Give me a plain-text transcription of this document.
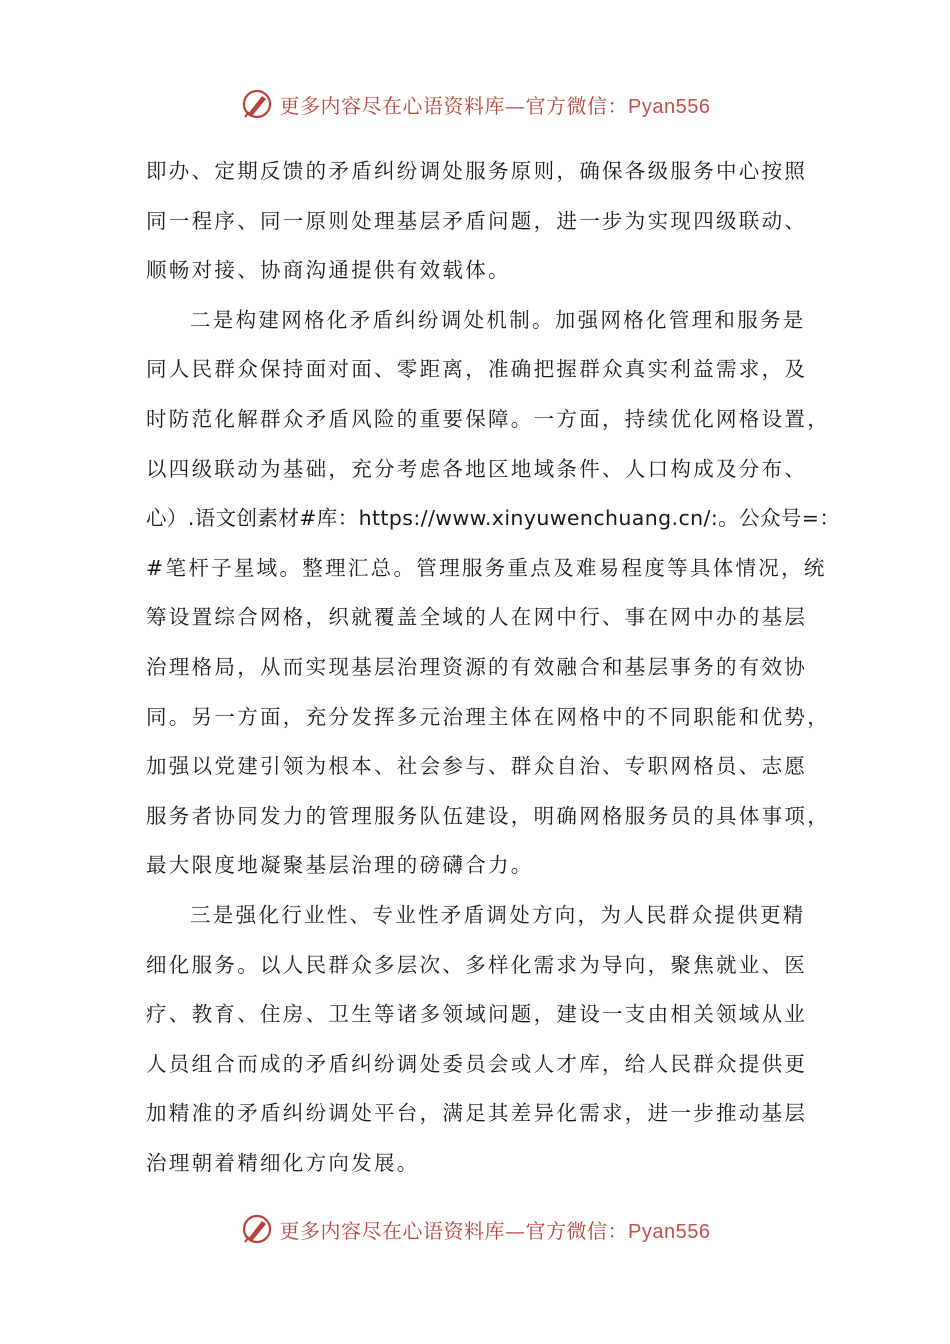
更多内容尽在心语资料库—官方微信：Pyan556
即办、定期反馈的矛盾纠纷调处服务原则，确保各级服务中心按照
同一程序、同一原则处理基层矛盾问题，进一步为实现四级联动、
顺畅对接、协商沟通提供有效载体。
二是构建网格化矛盾纠纷调处机制。加强网格化管理和服务是
同人民群众保持面对面、零距离，准确把握群众真实利益需求，及
时防范化解群众矛盾风险的重要保障。一方面，持续优化网格设置，
以四级联动为基础，充分考虑各地区地域条件、人口构成及分布、
心）.语文创素材#库：https://www.xinyuwenchuang.cn/:。公众号=：
#笔杆子星域。整理汇总。管理服务重点及难易程度等具体情况，统
筹设置综合网格，织就覆盖全域的人在网中行、事在网中办的基层
治理格局，从而实现基层治理资源的有效融合和基层事务的有效协
同。另一方面，充分发挥多元治理主体在网格中的不同职能和优势，
加强以党建引领为根本、社会参与、群众自治、专职网格员、志愿
服务者协同发力的管理服务队伍建设，明确网格服务员的具体事项，
最大限度地凝聚基层治理的磅礴合力。
三是强化行业性、专业性矛盾调处方向，为人民群众提供更精
细化服务。以人民群众多层次、多样化需求为导向，聚焦就业、医
疗、教育、住房、卫生等诸多领域问题，建设一支由相关领域从业
人员组合而成的矛盾纠纷调处委员会或人才库，给人民群众提供更
加精准的矛盾纠纷调处平台，满足其差异化需求，进一步推动基层
治理朝着精细化方向发展。
更多内容尽在心语资料库—官方微信：Pyan556
